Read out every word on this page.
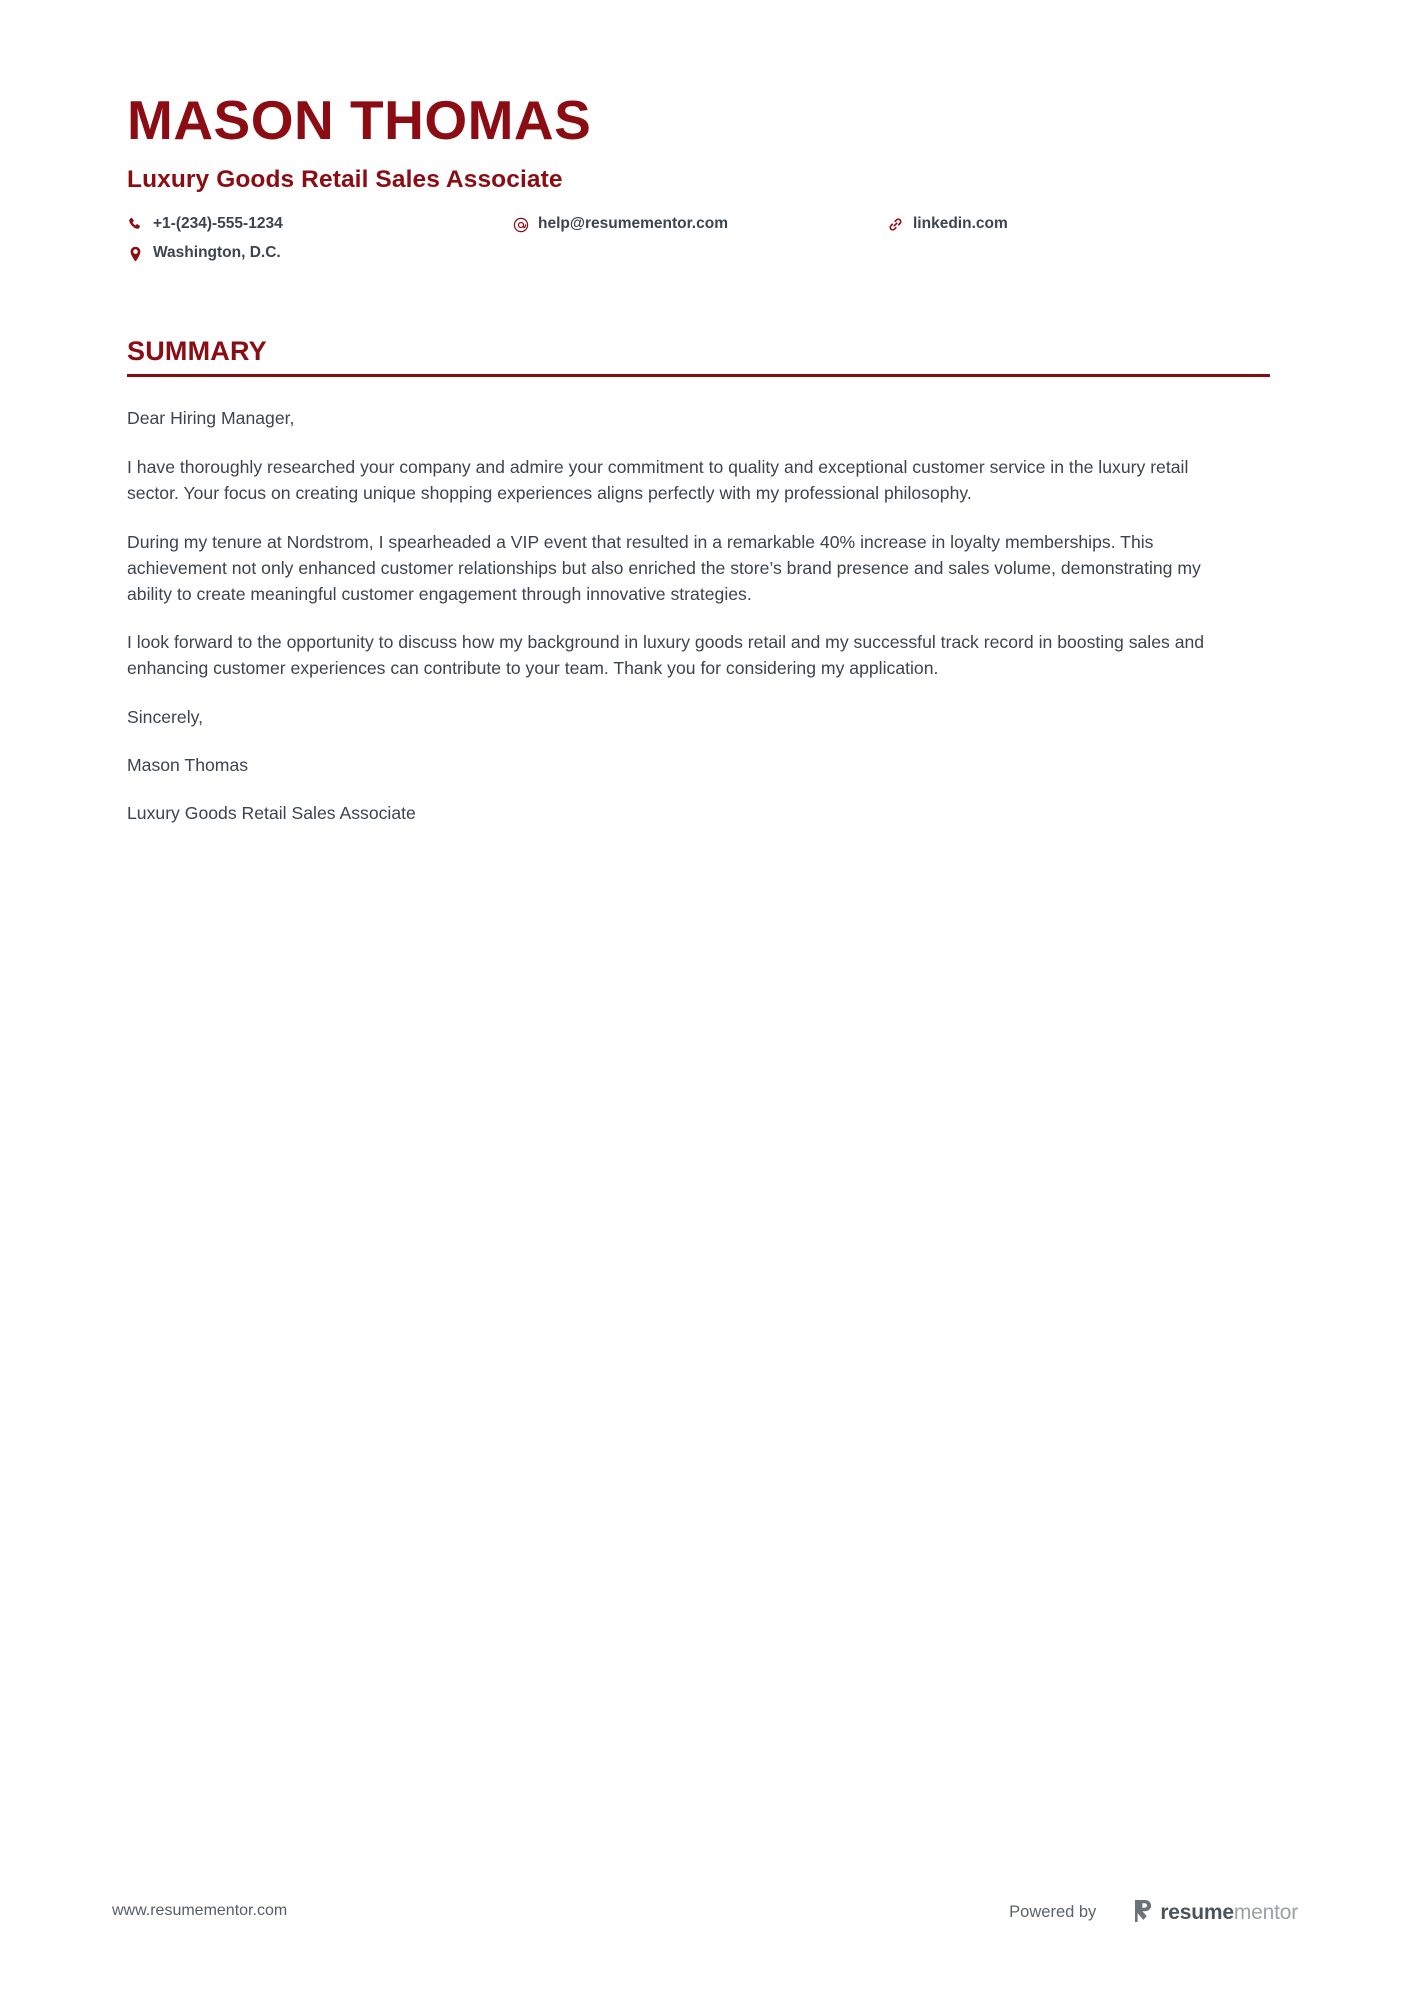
MASON THOMAS
Luxury Goods Retail Sales Associate
+1-(234)-555-1234	help@resumementor.com	linkedin.com
Washington, D.C.
SUMMARY

Dear Hiring Manager,

I have thoroughly researched your company and admire your commitment to quality and exceptional customer service in the luxury retail sector. Your focus on creating unique shopping experiences aligns perfectly with my professional philosophy.

During my tenure at Nordstrom, I spearheaded a VIP event that resulted in a remarkable 40% increase in loyalty memberships. This achievement not only enhanced customer relationships but also enriched the store’s brand presence and sales volume, demonstrating my ability to create meaningful customer engagement through innovative strategies.

I look forward to the opportunity to discuss how my background in luxury goods retail and my successful track record in boosting sales and enhancing customer experiences can contribute to your team. Thank you for considering my application.

Sincerely,

Mason Thomas

Luxury Goods Retail Sales Associate

www.resumementor.com	Powered by	resumementor
